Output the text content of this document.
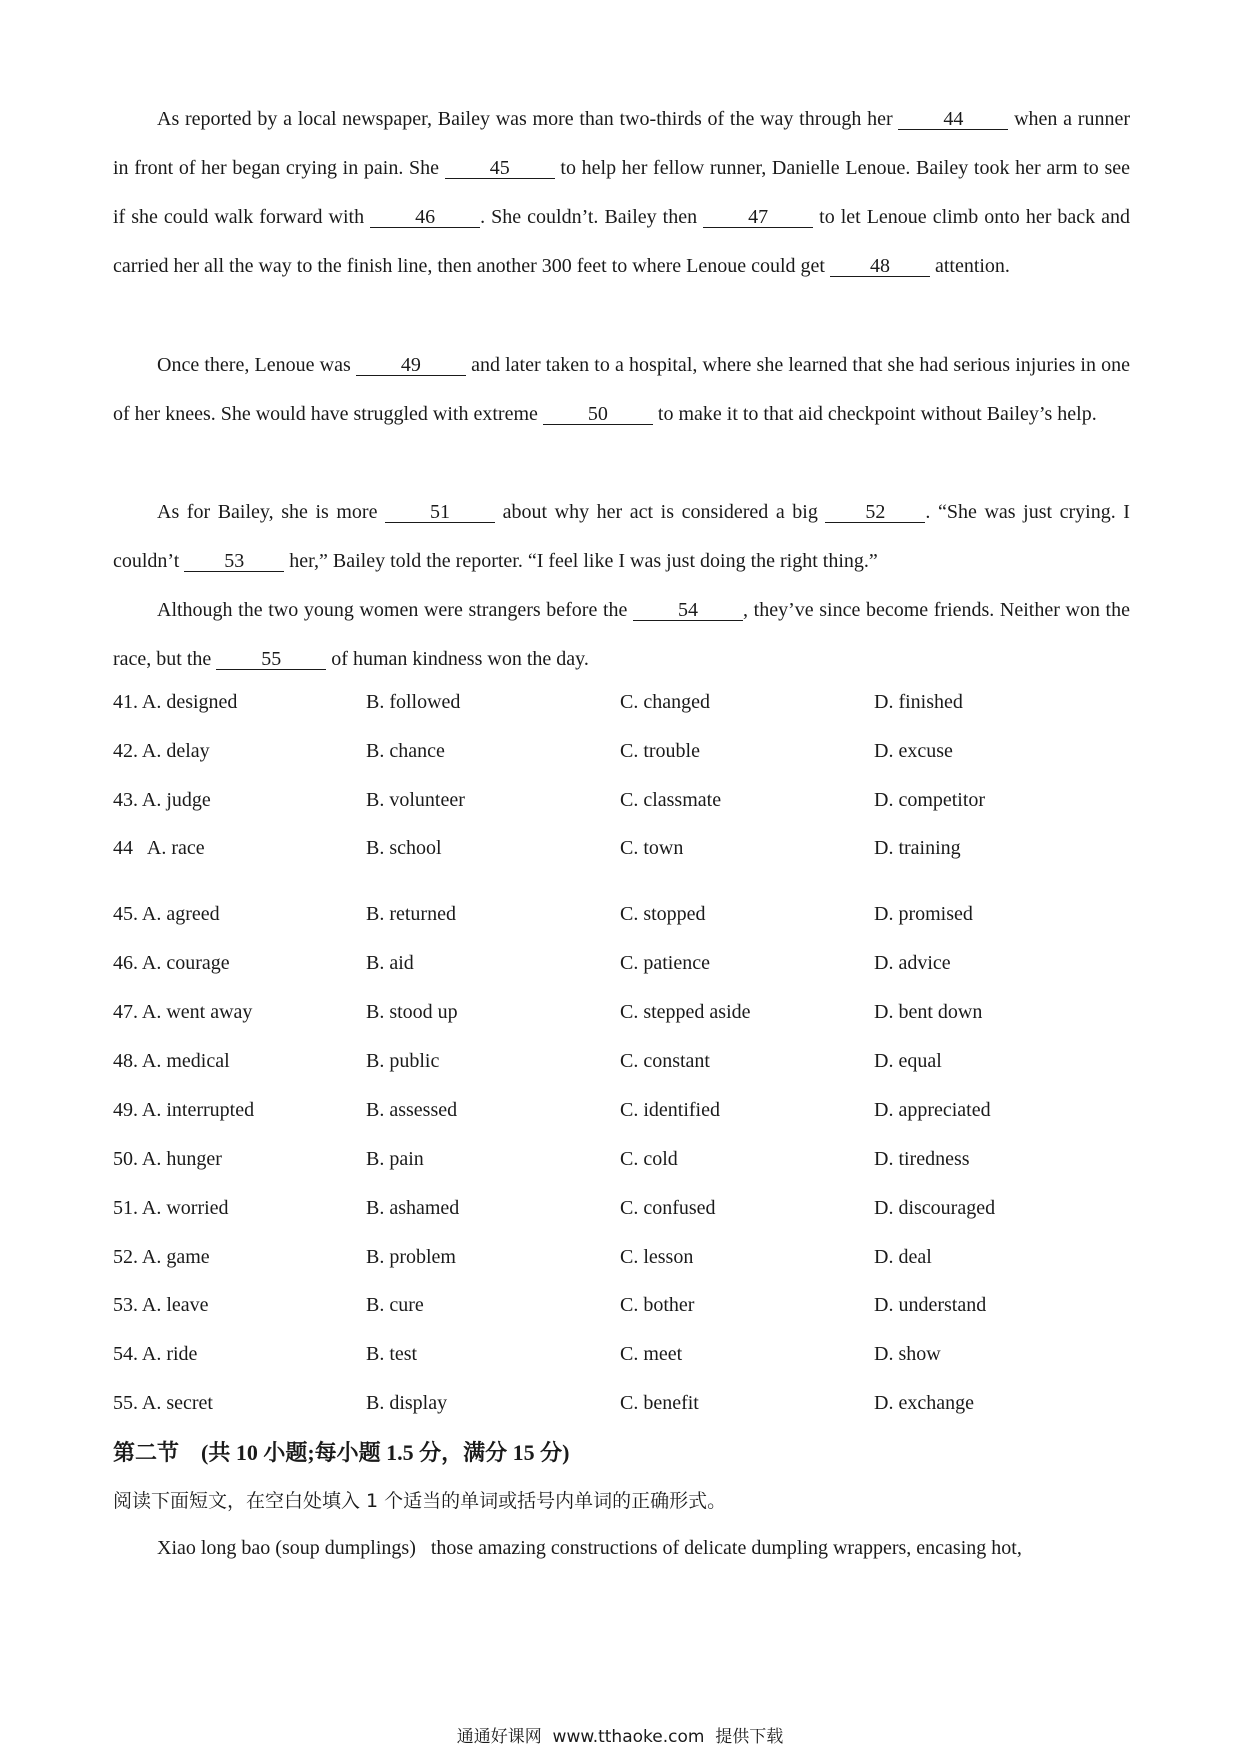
As reported by a local newspaper, Bailey was more than two-thirds of the way through her 44 when a runner in front of her began crying in pain. She 45 to help her fellow runner, Danielle Lenoue. Bailey took her arm to see if she could walk forward with 46 . She couldn’t. Bailey then 47 to let Lenoue climb onto her back and carried her all the way to the finish line, then another 300 feet to where Lenoue could get 48 attention.

Once there, Lenoue was 49 and later taken to a hospital, where she learned that she had serious injuries in one of her knees. She would have struggled with extreme 50 to make it to that aid checkpoint without Bailey’s help.

As for Bailey, she is more 51 about why her act is considered a big 52 . “She was just crying. I couldn’t 53 her,” Bailey told the reporter. “I feel like I was just doing the right thing.”

Although the two young women were strangers before the 54 , they’ve since become friends. Neither won the race, but the 55 of human kindness won the day.

41. A. designed	B. followed	C. changed	D. finished
42. A. delay	B. chance	C. trouble	D. excuse
43. A. judge	B. volunteer	C. classmate	D. competitor
44   A. race	B. school	C. town	D. training
45. A. agreed	B. returned	C. stopped	D. promised
46. A. courage	B. aid	C. patience	D. advice
47. A. went away	B. stood up	C. stepped aside	D. bent down
48. A. medical	B. public	C. constant	D. equal
49. A. interrupted	B. assessed	C. identified	D. appreciated
50. A. hunger	B. pain	C. cold	D. tiredness
51. A. worried	B. ashamed	C. confused	D. discouraged
52. A. game	B. problem	C. lesson	D. deal
53. A. leave	B. cure	C. bother	D. understand
54. A. ride	B. test	C. meet	D. show
55. A. secret	B. display	C. benefit	D. exchange
第二节    (共 10 小题;每小题 1.5 分，满分 15 分)
阅读下面短文，在空白处填入 1 个适当的单词或括号内单词的正确形式。

Xiao long bao (soup dumplings)   those amazing constructions of delicate dumpling wrappers, encasing hot,

通通好课网  www.tthaoke.com  提供下载
